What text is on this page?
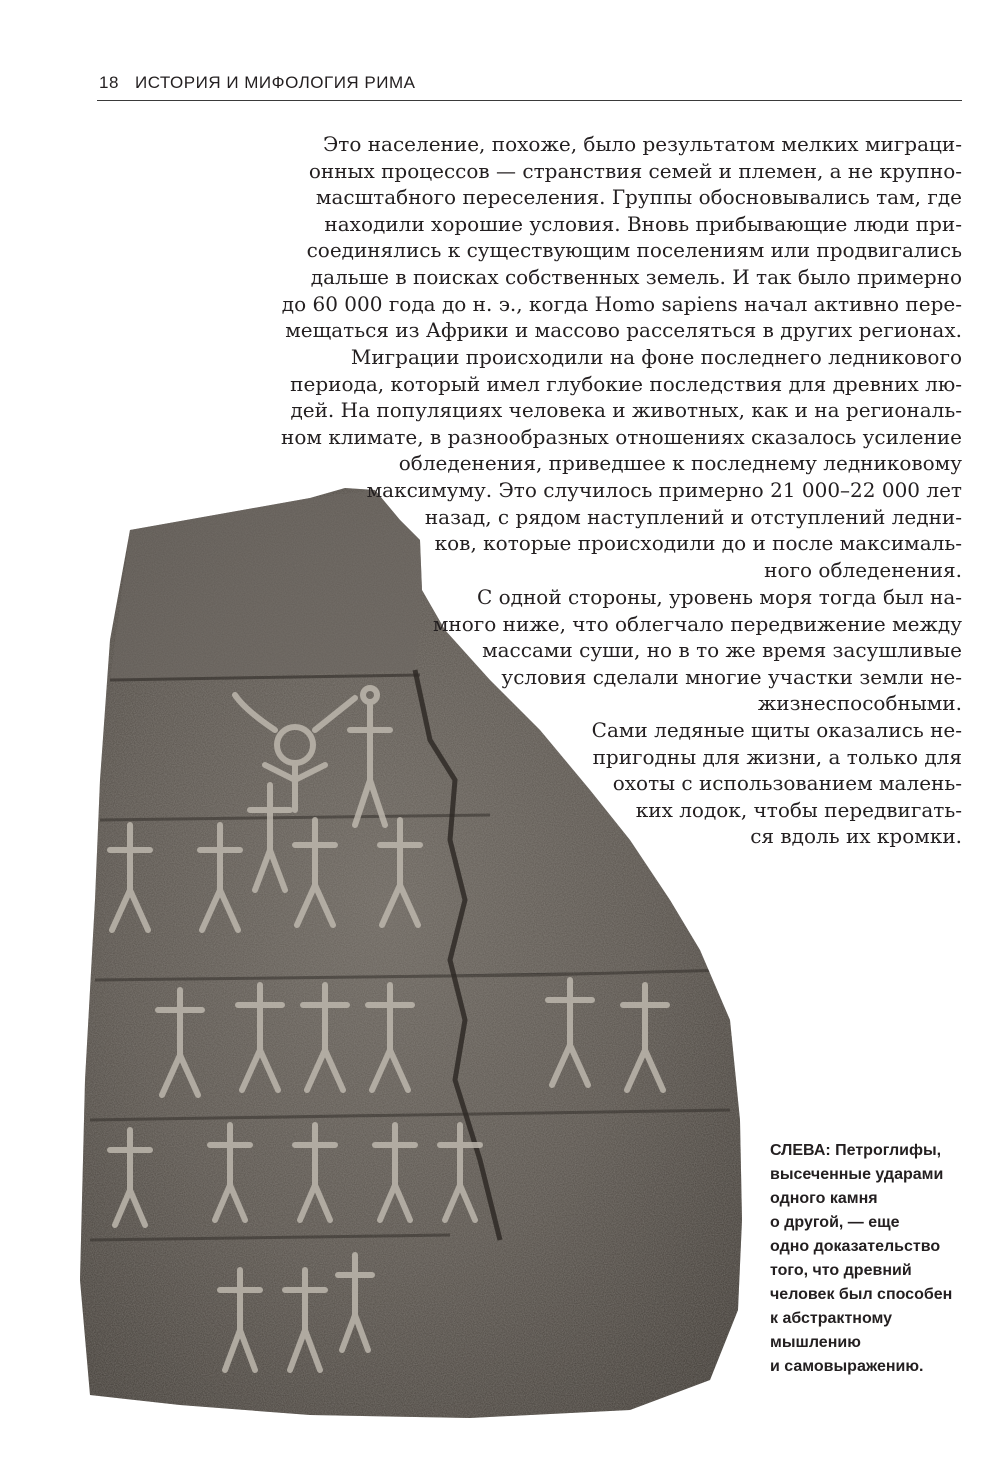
18 ИСТОРИЯ И МИФОЛОГИЯ РИМА

Это население, похоже, было результатом мелких миграци-
онных процессов — странствия семей и племен, а не крупно-
масштабного переселения. Группы обосновывались там, где
находили хорошие условия. Вновь прибывающие люди при-
соединялись к существующим поселениям или продвигались
дальше в поисках собственных земель. И так было примерно
до 60 000 года до н. э., когда Homo sapiens начал активно пере-
мещаться из Африки и массово расселяться в других регионах.

Миграции происходили на фоне последнего ледникового
периода, который имел глубокие последствия для древних лю-
дей. На популяциях человека и животных, как и на региональ-
ном климате, в разнообразных отношениях сказалось усиление
обледенения, приведшее к последнему ледниковому
максимуму. Это случилось примерно 21 000–22 000 лет
назад, с рядом наступлений и отступлений ледни-
ков, которые происходили до и после максималь-
ного обледенения.

С одной стороны, уровень моря тогда был на-
много ниже, что облегчало передвижение между
массами суши, но в то же время засушливые
условия сделали многие участки земли не-
жизнеспособными.

Сами ледяные щиты оказались не-
пригодны для жизни, а только для
охоты с использованием малень-
ких лодок, чтобы передвигать-
ся вдоль их кромки.

СЛЕВА: Петроглифы,
высеченные ударами
одного камня
о другой, — еще
одно доказательство
того, что древний
человек был способен
к абстрактному
мышлению
и самовыражению.
